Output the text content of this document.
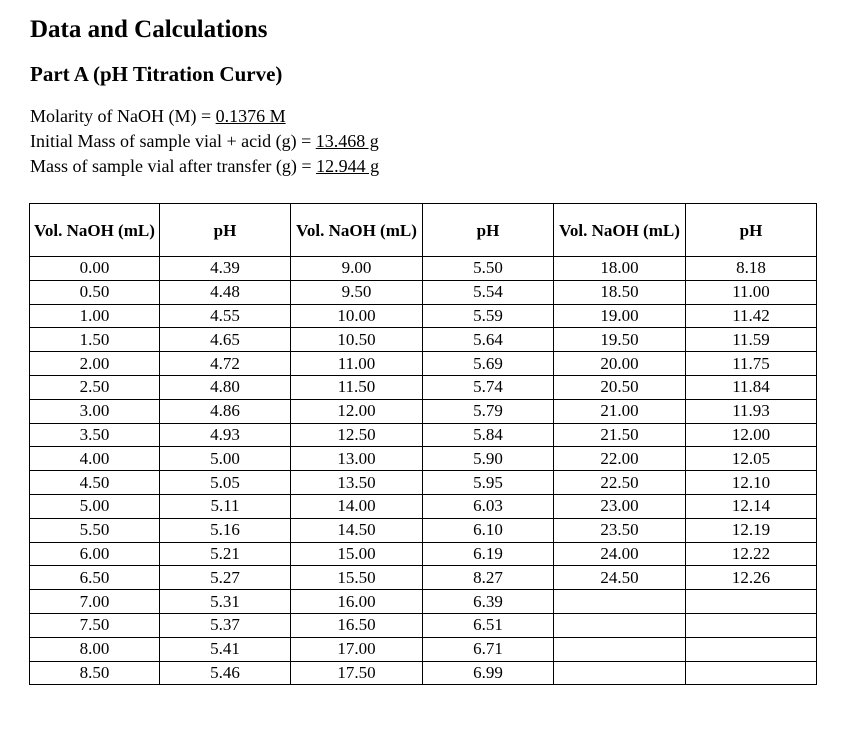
Data and Calculations
Part A (pH Titration Curve)
Molarity of NaOH (M) = 0.1376 M
Initial Mass of sample vial + acid (g) = 13.468 g
Mass of sample vial after transfer (g) = 12.944 g
Vol. NaOH (mL)	pH	Vol. NaOH (mL)	pH	Vol. NaOH (mL)	pH
0.00	4.39	9.00	5.50	18.00	8.18
0.50	4.48	9.50	5.54	18.50	11.00
1.00	4.55	10.00	5.59	19.00	11.42
1.50	4.65	10.50	5.64	19.50	11.59
2.00	4.72	11.00	5.69	20.00	11.75
2.50	4.80	11.50	5.74	20.50	11.84
3.00	4.86	12.00	5.79	21.00	11.93
3.50	4.93	12.50	5.84	21.50	12.00
4.00	5.00	13.00	5.90	22.00	12.05
4.50	5.05	13.50	5.95	22.50	12.10
5.00	5.11	14.00	6.03	23.00	12.14
5.50	5.16	14.50	6.10	23.50	12.19
6.00	5.21	15.00	6.19	24.00	12.22
6.50	5.27	15.50	8.27	24.50	12.26
7.00	5.31	16.00	6.39		
7.50	5.37	16.50	6.51		
8.00	5.41	17.00	6.71		
8.50	5.46	17.50	6.99		
